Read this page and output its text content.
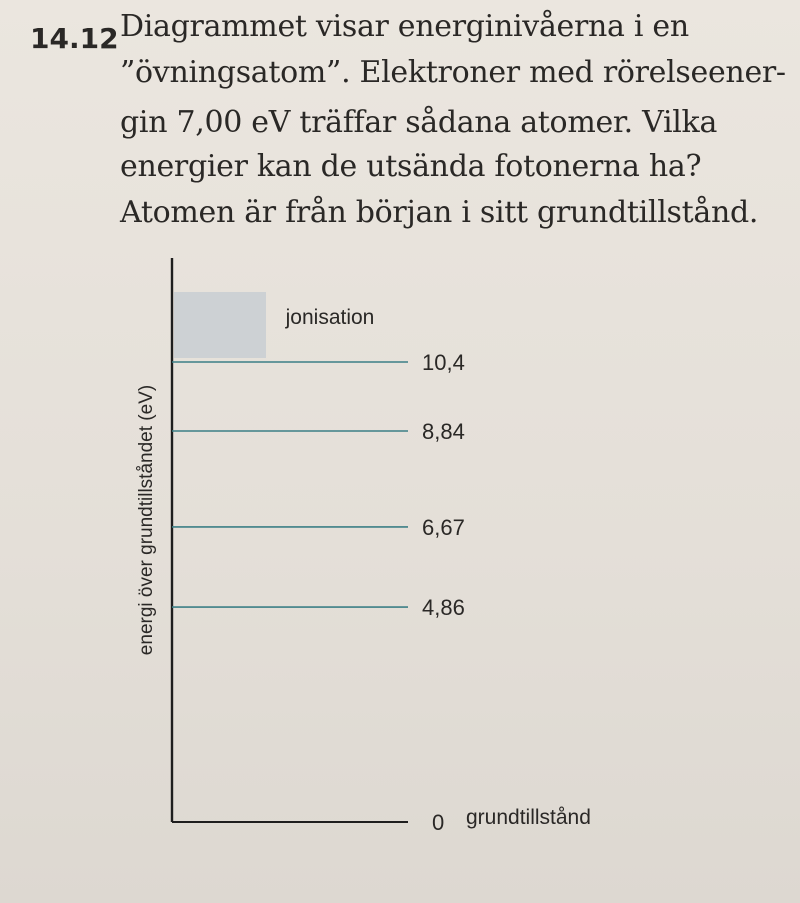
14.12 Diagrammet visar energinivåerna i en
”övningsatom”. Elektroner med rörelseener-
gin 7,00 eV träffar sådana atomer. Vilka
energier kan de utsända fotonerna ha?
Atomen är från början i sitt grundtillstånd.
energi över grundtillståndet (eV)
jonisation
10,4
8,84
6,67
4,86
0 grundtillstånd
